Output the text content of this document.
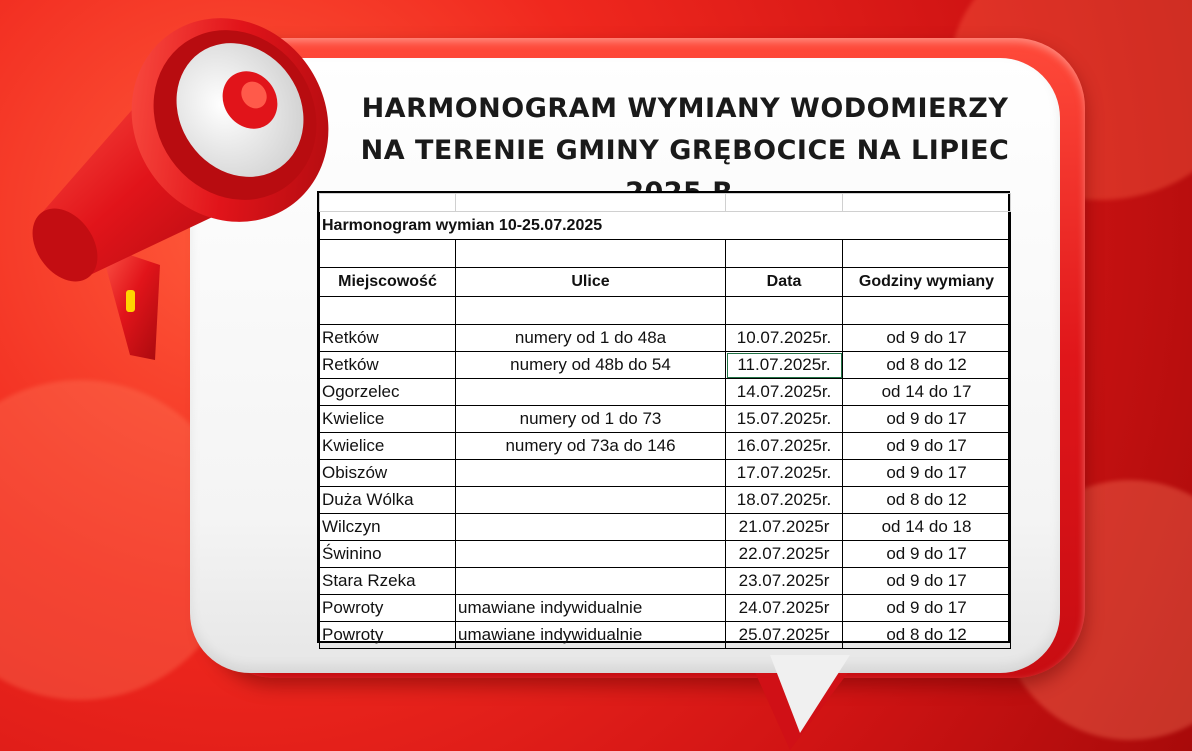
HARMONOGRAM WYMIANY WODOMIERZY
NA TERENIE GMINY GRĘBOCICE NA LIPIEC

Harmonogram wymian 10-25.07.2025			

Miejscowość	Ulice	Data	Godziny wymiany

Retków	numery od 1 do 48a	10.07.2025r.	od 9 do 17
Retków	numery od 48b do 54	11.07.2025r.	od 8 do 12
Ogorzelec		14.07.2025r.	od 14 do 17
Kwielice	numery od 1 do 73	15.07.2025r.	od 9 do 17
Kwielice	numery od 73a do 146	16.07.2025r.	od 9 do 17
Obiszów		17.07.2025r.	od 9 do 17
Duża Wólka		18.07.2025r.	od 8 do 12
Wilczyn		21.07.2025r	od 14 do 18
Świnino		22.07.2025r	od 9 do 17
Stara Rzeka		23.07.2025r	od 9 do 17
Powroty	umawiane indywidualnie	24.07.2025r	od 9 do 17
Powroty	umawiane indywidualnie	25.07.2025r	od 8 do 12
